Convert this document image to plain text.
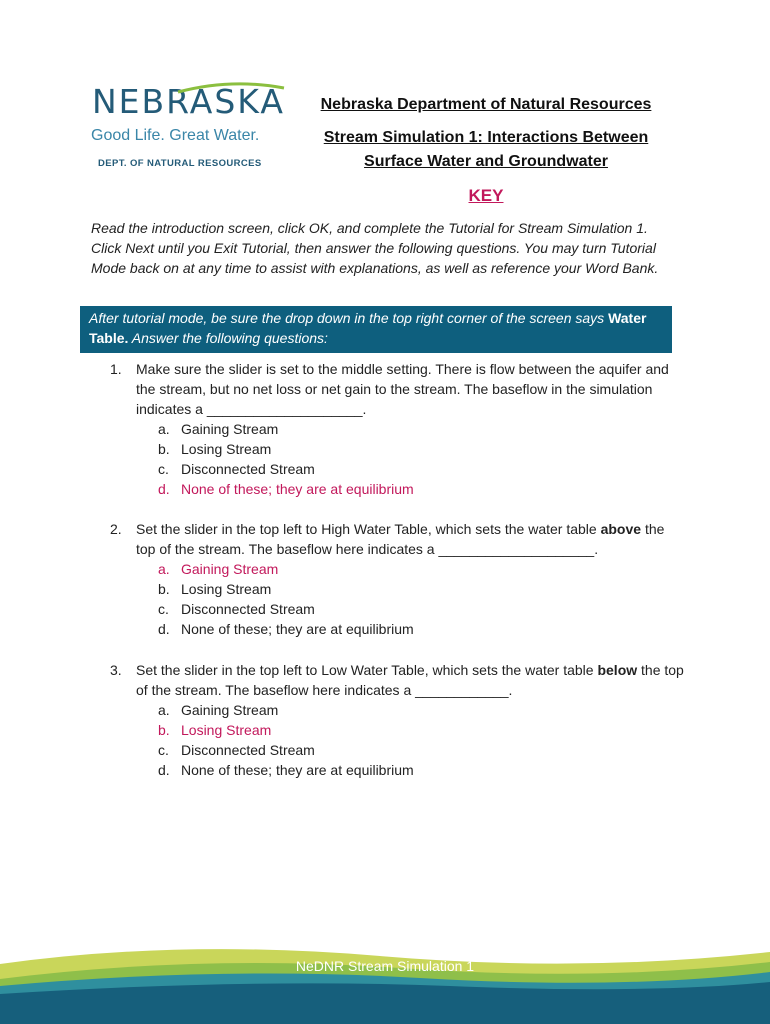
NEBRASKA
Good Life. Great Water.
DEPT. OF NATURAL RESOURCES
Nebraska Department of Natural Resources
Stream Simulation 1: Interactions Between Surface Water and Groundwater
KEY
Read the introduction screen, click OK, and complete the Tutorial for Stream Simulation 1. Click Next until you Exit Tutorial, then answer the following questions. You may turn Tutorial Mode back on at any time to assist with explanations, as well as reference your Word Bank.
After tutorial mode, be sure the drop down in the top right corner of the screen says Water Table. Answer the following questions:
1.	Make sure the slider is set to the middle setting. There is flow between the aquifer and the stream, but no net loss or net gain to the stream. The baseflow in the simulation indicates a ____________________.
a. Gaining Stream
b. Losing Stream
c. Disconnected Stream
d. None of these; they are at equilibrium
2.	Set the slider in the top left to High Water Table, which sets the water table above the top of the stream. The baseflow here indicates a ____________________.
a. Gaining Stream
b. Losing Stream
c. Disconnected Stream
d. None of these; they are at equilibrium
3.	Set the slider in the top left to Low Water Table, which sets the water table below the top of the stream. The baseflow here indicates a ____________.
a. Gaining Stream
b. Losing Stream
c. Disconnected Stream
d. None of these; they are at equilibrium
NeDNR Stream Simulation 1
